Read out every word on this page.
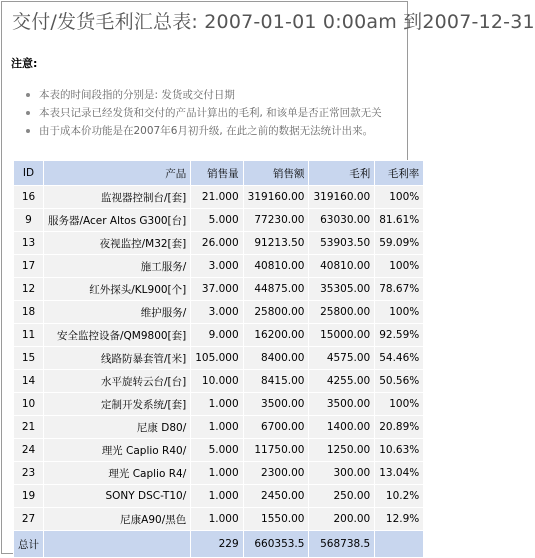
交付/发货毛利汇总表: 2007-01-01 0:00am 到2007-12-31
注意:
本表的时间段指的分别是: 发货或交付日期
本表只记录已经发货和交付的产品计算出的毛利, 和该单是否正常回款无关
由于成本价功能是在2007年6月初升级, 在此之前的数据无法统计出来。
ID	产品	销售量	销售额	毛利	毛利率
16	监视器控制台/[套]	21.000	319160.00	319160.00	100%
9	服务器/Acer Altos G300[台]	5.000	77230.00	63030.00	81.61%
13	夜视监控/M32[套]	26.000	91213.50	53903.50	59.09%
17	施工服务/	3.000	40810.00	40810.00	100%
12	红外探头/KL900[个]	37.000	44875.00	35305.00	78.67%
18	维护服务/	3.000	25800.00	25800.00	100%
11	安全监控设备/QM9800[套]	9.000	16200.00	15000.00	92.59%
15	线路防暴套管/[米]	105.000	8400.00	4575.00	54.46%
14	水平旋转云台/[台]	10.000	8415.00	4255.00	50.56%
10	定制开发系统/[套]	1.000	3500.00	3500.00	100%
21	尼康 D80/	1.000	6700.00	1400.00	20.89%
24	理光 Caplio R40/	5.000	11750.00	1250.00	10.63%
23	理光 Caplio R4/	1.000	2300.00	300.00	13.04%
19	SONY DSC-T10/	1.000	2450.00	250.00	10.2%
27	尼康A90/黑色	1.000	1550.00	200.00	12.9%
总计		229	660353.5	568738.5	
